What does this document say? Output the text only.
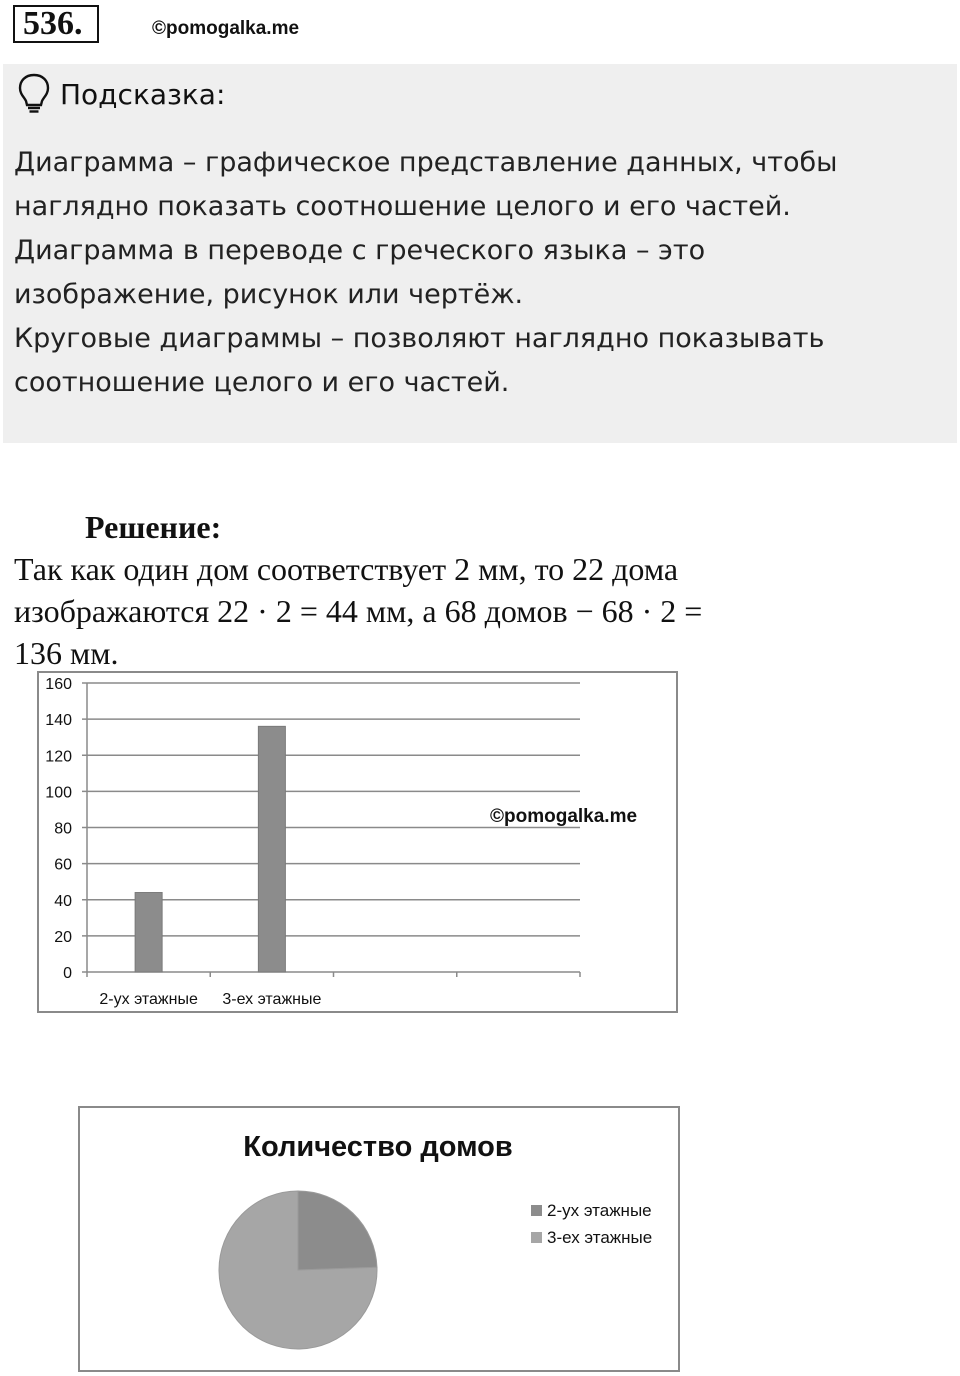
536.	©pomogalka.me
Подсказка:
Диаграмма – графическое представление данных, чтобы
наглядно показать соотношение целого и его частей.
Диаграмма в переводе с греческого языка – это
изображение, рисунок или чертёж.
Круговые диаграммы – позволяют наглядно показывать
соотношение целого и его частей.
Решение:
Так как один дом соответствует 2 мм, то 22 дома
изображаются 22 · 2 = 44 мм, а 68 домов − 68 · 2 =
136 мм.
0
20
40
60
80
100
120
140
160
2-ух этажные 3-ех этажные
©pomogalka.me
Количество домов
2-ух этажные
3-ех этажные
